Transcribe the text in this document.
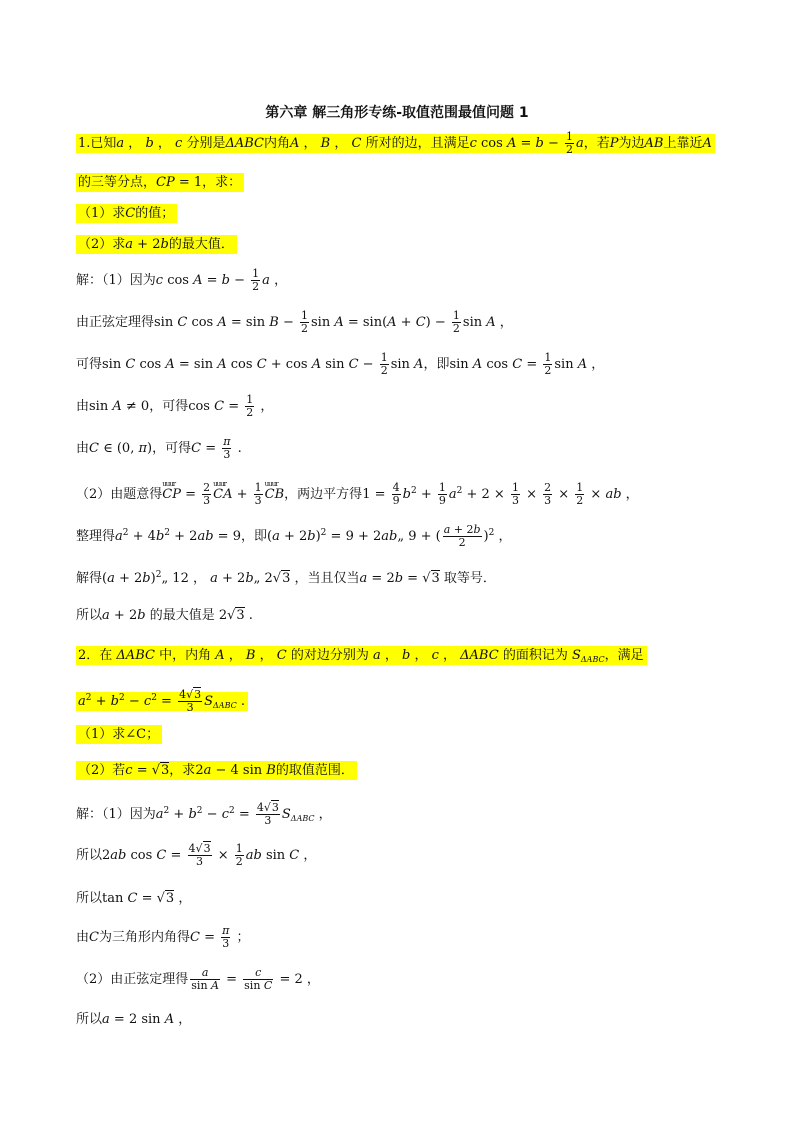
第六章 解三角形专练-取值范围最值问题 1
1.已知a ， b ， c 分别是ΔABC内角A ， B ， C 所对的边，且满足c $\cos A = b - \frac{1}{2}$ a，若P为边AB上靠近A
的三等分点，CP = 1，求：
（1）求C的值；
（2）求a + 2b的最大值．
解：（1）因为c $\cos A = b - \frac{1}{2}$ a ，
由正弦定理得sin C $\cos A = \sin B - \frac{1}{2}$ $\sin A = \sin(A + C) - \frac{1}{2}$ sin A ，
可得sin C cos A = sin A cos C + cos A $\sin C - \frac{1}{2}$ sin A，即sin A $\cos C = \frac{1}{2}$ sin A ，
由sin A ≠ 0，可得$\cos C = \frac{1}{2}$ ，
由C ∈ (0, π)，可得$C = \frac{\pi}{3}$ .
（2）由题意得uuur CP = $\frac{2}{3}$ uuur CA + $\frac{1}{3}$ uuur CB，两边平方得$1 = \frac{4}{9} b^2 + \frac{1}{9} a^2 + 2 \times \frac{1}{3} \times \frac{2}{3} \times \frac{1}{2}$ × ab ，
整理得$a^2 + 4b^2 + 2ab = 9$，即$(a + 2b)^2 = 9$ + 2ab„ 9 + ( $\frac{a + 2b}{2} )^2$ ，
解得$(a + 2b)^2„$ 12 ， a + 2b„ 2√3 ，当且仅当a = 2b = √3 取等号．
所以a + 2b 的最大值是 2√3 .
2．在 ΔABC 中，内角 A ， B ， C 的对边分别为 a ， b ， c ， ΔABC 的面积记为 $S_{\Delta ABC}$，满足
$a^2 + b^2 - c^2 = \frac{4√3}{3} S_{\Delta ABC}$ .
（1）求∠C；
（2）若c = √3，求2a − 4 sin B的取值范围．
解：（1）因为$a^2 + b^2 - c^2 = \frac{4√3}{3} S_{\Delta ABC}$ ，
所以2ab $\cos C = \frac{4√3}{3} \times \frac{1}{2}$ ab sin C ，
所以tan C = √3 ，
由C为三角形内角得$C = \frac{\pi}{3}$ ；
（2）由正弦定理得 $\frac{a}{\text{sin A}} = \frac{c}{\text{sin C}} = 2$ ，
所以a = 2 sin A ，
